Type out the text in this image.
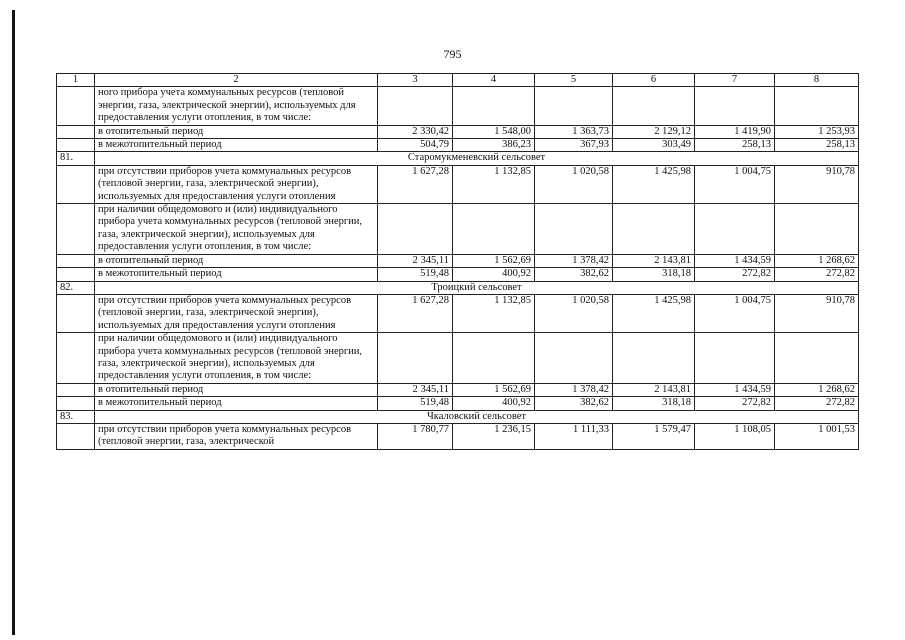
795
1	2	3	4	5	6	7	8
	ного прибора учета коммунальных ресурсов (тепловой энергии, газа, электрической энергии), используемых для предоставления услуги отопления, в том числе:						
	в отопительный период	2 330,42	1 548,00	1 363,73	2 129,12	1 419,90	1 253,93
	в межотопительный период	504,79	386,23	367,93	303,49	258,13	258,13
81.	Старомукменевский сельсовет						
	при отсутствии приборов учета коммунальных ресурсов (тепловой энергии, газа, электрической энергии), используемых для предоставления услуги отопления	1 627,28	1 132,85	1 020,58	1 425,98	1 004,75	910,78
	при наличии общедомового и (или) индивидуального прибора учета коммунальных ресурсов (тепловой энергии, газа, электрической энергии), используемых для предоставления услуги отопления, в том числе:						
	в отопительный период	2 345,11	1 562,69	1 378,42	2 143,81	1 434,59	1 268,62
	в межотопительный период	519,48	400,92	382,62	318,18	272,82	272,82
82.	Троицкий сельсовет						
	при отсутствии приборов учета коммунальных ресурсов (тепловой энергии, газа, электрической энергии), используемых для предоставления услуги отопления	1 627,28	1 132,85	1 020,58	1 425,98	1 004,75	910,78
	при наличии общедомового и (или) индивидуального прибора учета коммунальных ресурсов (тепловой энергии, газа, электрической энергии), используемых для предоставления услуги отопления, в том числе:						
	в отопительный период	2 345,11	1 562,69	1 378,42	2 143,81	1 434,59	1 268,62
	в межотопительный период	519,48	400,92	382,62	318,18	272,82	272,82
83.	Чкаловский сельсовет						
	при отсутствии приборов учета коммунальных ресурсов (тепловой энергии, газа, электрической	1 780,77	1 236,15	1 111,33	1 579,47	1 108,05	1 001,53
